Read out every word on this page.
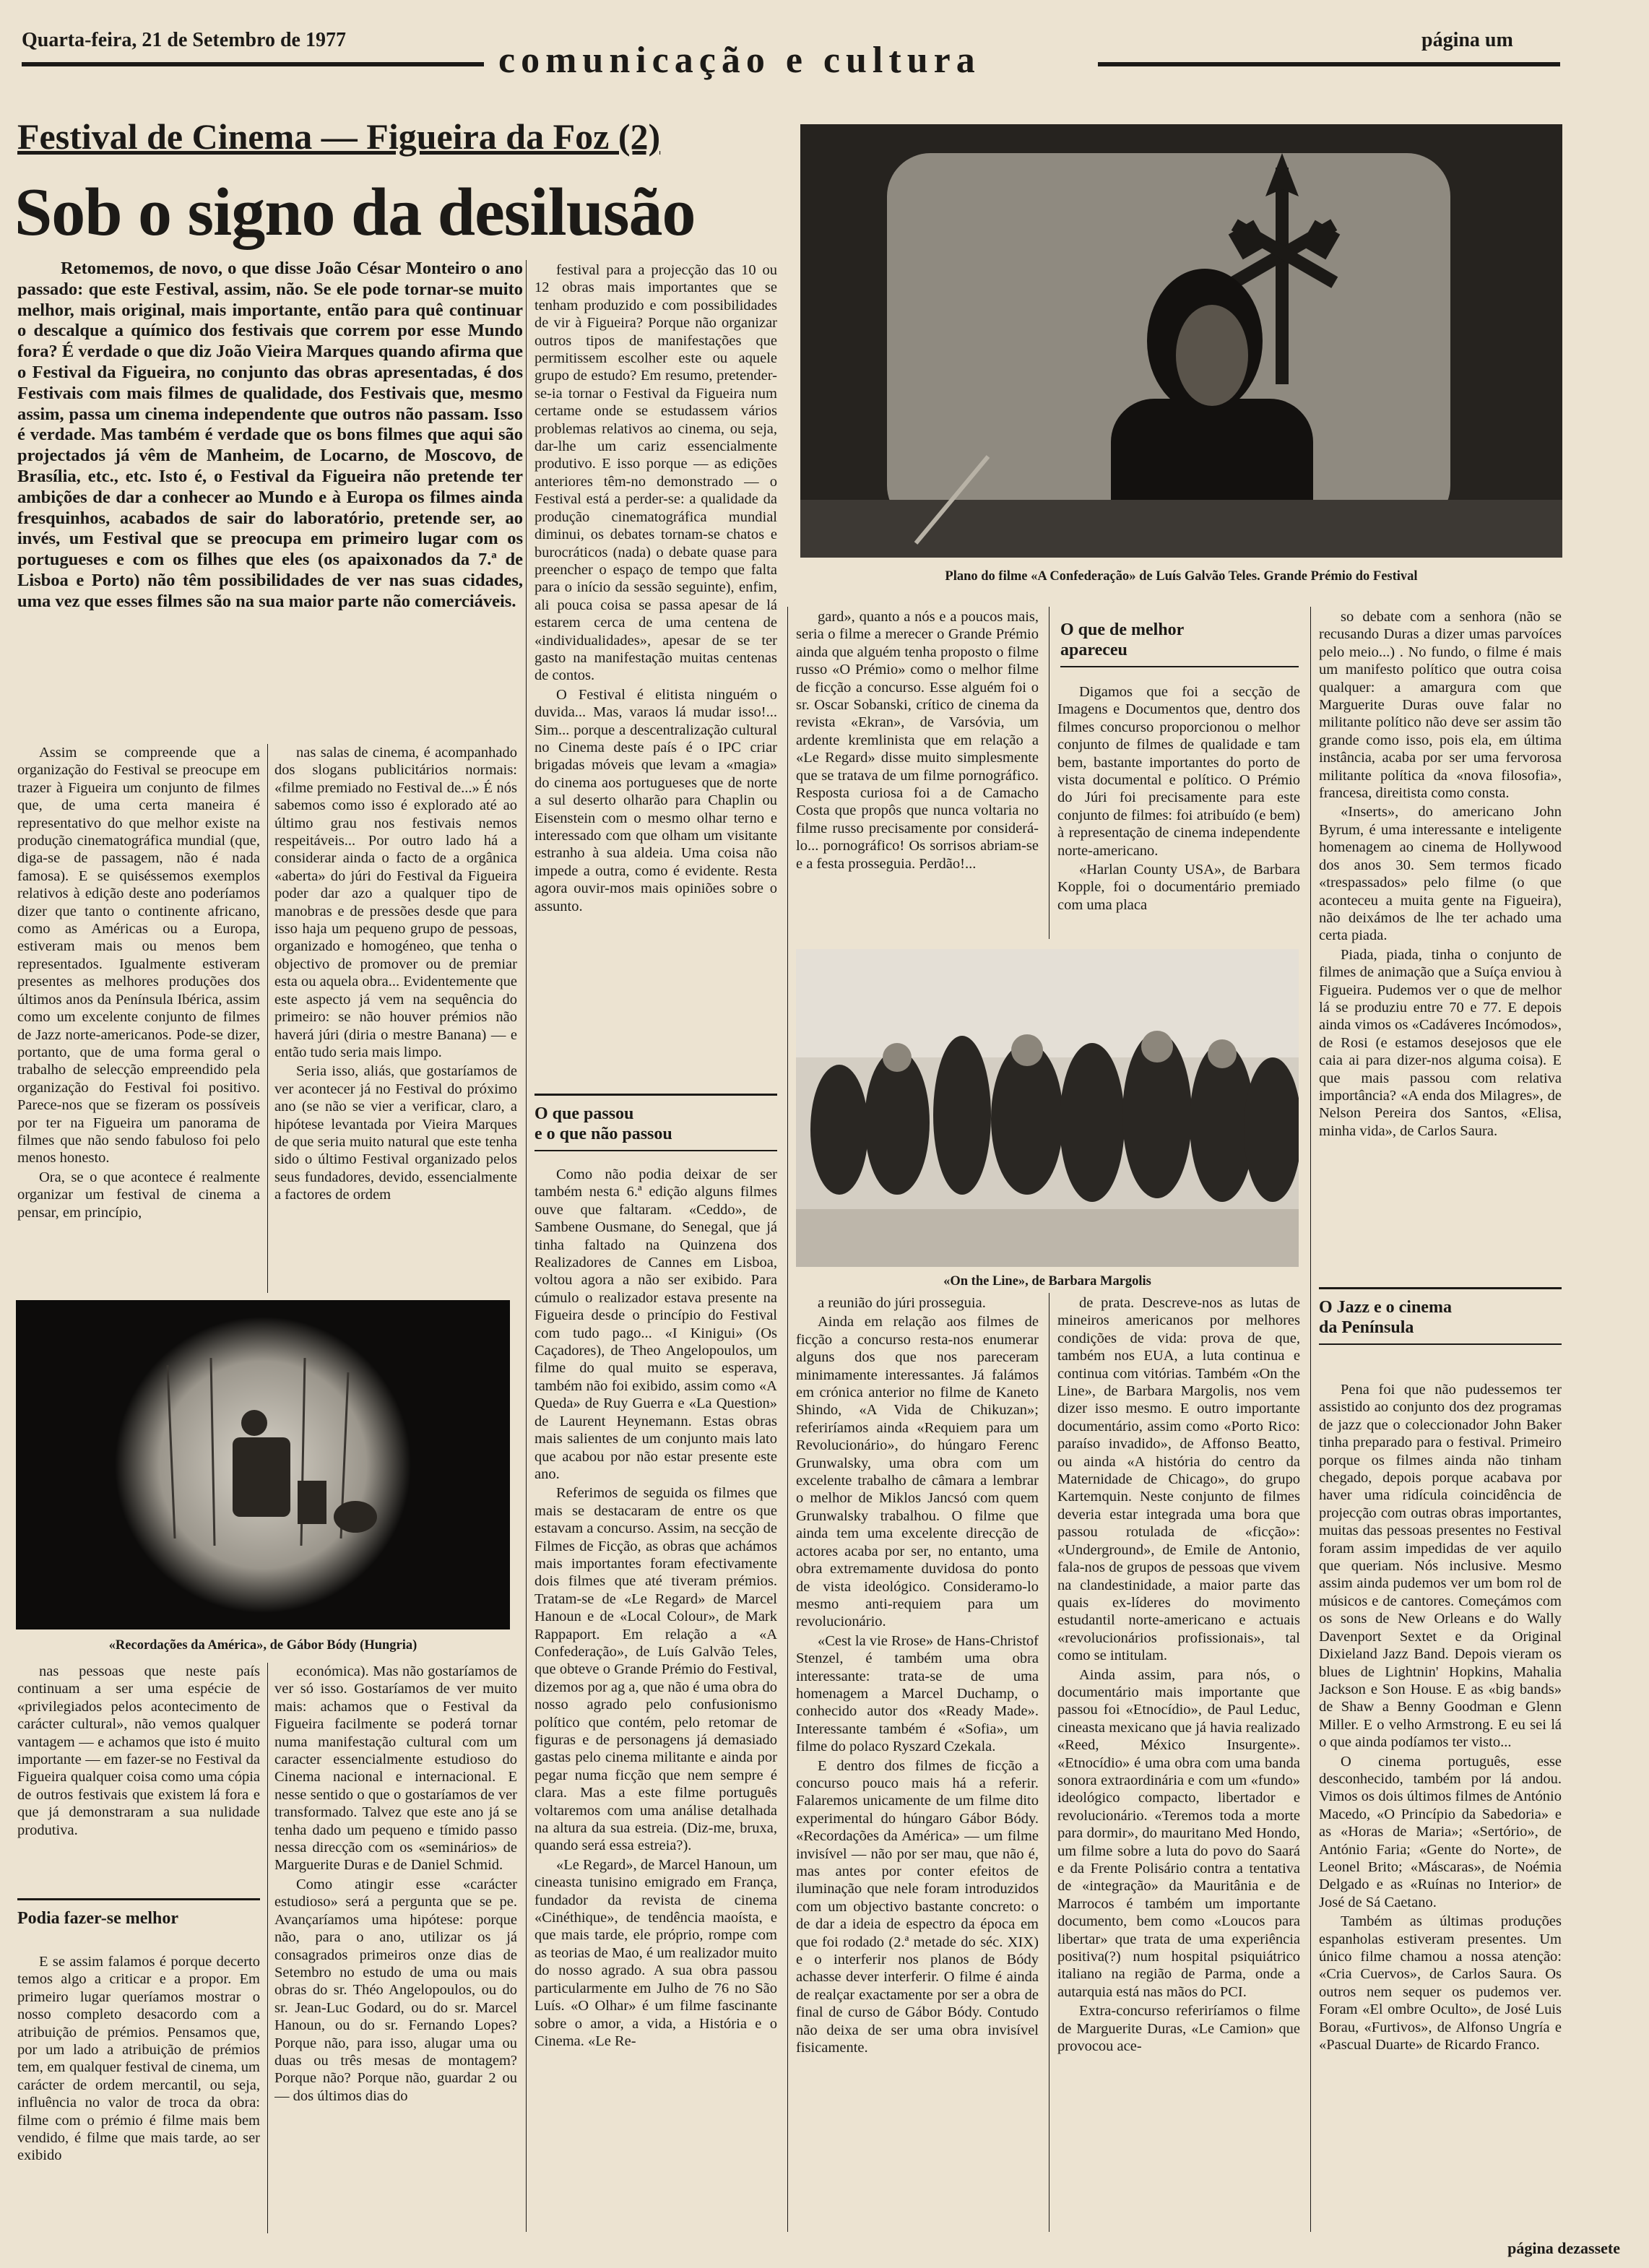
Quarta-feira, 21 de Setembro de 1977	comunicação e cultura	página um
Festival de Cinema — Figueira da Foz (2)
Sob o signo da desilusão

Retomemos, de novo, o que disse João César Monteiro o ano passado: que este Festival, assim, não. Se ele pode tornar-se muito melhor, mais original, mais importante, então para quê continuar o descalque a químico dos festivais que correm por esse Mundo fora? É verdade o que diz João Vieira Marques quando afirma que o Festival da Figueira, no conjunto das obras apresentadas, é dos Festivais com mais filmes de qualidade, dos Festivais que, mesmo assim, passa um cinema independente que outros não passam. Isso é verdade. Mas também é verdade que os bons filmes que aqui são projectados já vêm de Manheim, de Locarno, de Moscovo, de Brasília, etc., etc. Isto é, o Festival da Figueira não pretende ter ambições de dar a conhecer ao Mundo e à Europa os filmes ainda fresquinhos, acabados de sair do laboratório, pretende ser, ao invés, um Festival que se preocupa em primeiro lugar com os portugueses e com os filhes que eles (os apaixonados da 7.ª de Lisboa e Porto) não têm possibilidades de ver nas suas cidades, uma vez que esses filmes são na sua maior parte não comerciáveis.

Assim se compreende que a organização do Festival se preocupe em trazer à Figueira um conjunto de filmes que, de uma certa maneira é representativo do que melhor existe na produção cinematográfica mundial (que, diga-se de passagem, não é nada famosa). E se quiséssemos exemplos relativos à edição deste ano poderíamos dizer que tanto o continente africano, como as Américas ou a Europa, estiveram mais ou menos bem representados. Igualmente estiveram presentes as melhores produções dos últimos anos da Península Ibérica, assim como um excelente conjunto de filmes de Jazz norte-americanos. Pode-se dizer, portanto, que de uma forma geral o trabalho de selecção empreendido pela organização do Festival foi positivo. Parece-nos que se fizeram os possíveis por ter na Figueira um panorama de filmes que não sendo fabuloso foi pelo menos honesto.

Ora, se o que acontece é realmente organizar um festival de cinema a pensar, em princípio,

nas salas de cinema, é acompanhado dos slogans publicitários normais: «filme premiado no Festival de...» É nós sabemos como isso é explorado até ao último grau nos festivais nemos respeitáveis... Por outro lado há a considerar ainda o facto de a orgânica «aberta» do júri do Festival da Figueira poder dar azo a qualquer tipo de manobras e de pressões desde que para isso haja um pequeno grupo de pessoas, organizado e homogéneo, que tenha o objectivo de promover ou de premiar esta ou aquela obra... Evidentemente que este aspecto já vem na sequência do primeiro: se não houver prémios não haverá júri (diria o mestre Banana) — e então tudo seria mais limpo.

Seria isso, aliás, que gostaríamos de ver acontecer já no Festival do próximo ano (se não se vier a verificar, claro, a hipótese levantada por Vieira Marques de que seria muito natural que este tenha sido o último Festival organizado pelos seus fundadores, devido, essencialmente a factores de ordem

«Recordações da América», de Gábor Bódy (Hungria)

nas pessoas que neste país continuam a ser uma espécie de «privilegiados pelos acontecimento de carácter cultural», não vemos qualquer vantagem — e achamos que isto é muito importante — em fazer-se no Festival da Figueira qualquer coisa como uma cópia de outros festivais que existem lá fora e que já demonstraram a sua nulidade produtiva.

Podia fazer-se melhor

E se assim falamos é porque decerto temos algo a criticar e a propor. Em primeiro lugar queríamos mostrar o nosso completo desacordo com a atribuição de prémios. Pensamos que, por um lado a atribuição de prémios tem, em qualquer festival de cinema, um carácter de ordem mercantil, ou seja, influência no valor de troca da obra: filme com o prémio é filme mais bem vendido, é filme que mais tarde, ao ser exibido

económica). Mas não gostaríamos de ver só isso. Gostaríamos de ver muito mais: achamos que o Festival da Figueira facilmente se poderá tornar numa manifestação cultural com um caracter essencialmente estudioso do Cinema nacional e internacional. E nesse sentido o que o gostaríamos de ver transformado. Talvez que este ano já se tenha dado um pequeno e tímido passo nessa direcção com os «seminários» de Marguerite Duras e de Daniel Schmid.

Como atingir esse «carácter estudioso» será a pergunta que se pe. Avançaríamos uma hipótese: porque não, para o ano, utilizar os já consagrados primeiros onze dias de Setembro no estudo de uma ou mais obras do sr. Théo Angelopoulos, ou do sr. Jean-Luc Godard, ou do sr. Marcel Hanoun, ou do sr. Fernando Lopes? Porque não, para isso, alugar uma ou duas ou três mesas de montagem? Porque não? Porque não, guardar 2 ou — dos últimos dias do

Plano do filme «A Confederação» de Luís Galvão Teles. Grande Prémio do Festival

festival para a projecção das 10 ou 12 obras mais importantes que se tenham produzido e com possibilidades de vir à Figueira? Porque não organizar outros tipos de manifestações que permitissem escolher este ou aquele grupo de estudo? Em resumo, pretender-se-ia tornar o Festival da Figueira num certame onde se estudassem vários problemas relativos ao cinema, ou seja, dar-lhe um cariz essencialmente produtivo. E isso porque — as edições anteriores têm-no demonstrado — o Festival está a perder-se: a qualidade da produção cinematográfica mundial diminui, os debates tornam-se chatos e burocráticos (nada) o debate quase para preencher o espaço de tempo que falta para o início da sessão seguinte), enfim, ali pouca coisa se passa apesar de lá estarem cerca de uma centena de «individualidades», apesar de se ter gasto na manifestação muitas centenas de contos.

O Festival é elitista ninguém o duvida... Mas, varaos lá mudar isso!... Sim... porque a descentralização cultural no Cinema deste país é o IPC criar brigadas móveis que levam a «magia» do cinema aos portugueses que de norte a sul deserto olharão para Chaplin ou Eisenstein com o mesmo olhar terno e interessado com que olham um visitante estranho à sua aldeia. Uma coisa não impede a outra, como é evidente. Resta agora ouvir-mos mais opiniões sobre o assunto.

O que passou
e o que não passou

Como não podia deixar de ser também nesta 6.ª edição alguns filmes ouve que faltaram. «Ceddo», de Sambene Ousmane, do Senegal, que já tinha faltado na Quinzena dos Realizadores de Cannes em Lisboa, voltou agora a não ser exibido. Para cúmulo o realizador estava presente na Figueira desde o princípio do Festival com tudo pago... «I Kinigui» (Os Caçadores), de Theo Angelopoulos, um filme do qual muito se esperava, também não foi exibido, assim como «A Queda» de Ruy Guerra e «La Question» de Laurent Heynemann. Estas obras mais salientes de um conjunto mais lato que acabou por não estar presente este ano.

Referimos de seguida os filmes que mais se destacaram de entre os que estavam a concurso. Assim, na secção de Filmes de Ficção, as obras que achámos mais importantes foram efectivamente dois filmes que até tiveram prémios. Tratam-se de «Le Regard» de Marcel Hanoun e de «Local Colour», de Mark Rappaport. Em relação a «A Confederação», de Luís Galvão Teles, que obteve o Grande Prémio do Festival, dizemos por ag a, que não é uma obra do nosso agrado pelo confusionismo político que contém, pelo retomar de figuras e de personagens já demasiado gastas pelo cinema militante e ainda por pegar numa ficção que nem sempre é clara. Mas a este filme português voltaremos com uma análise detalhada na altura da sua estreia. (Diz-me, bruxa, quando será essa estreia?).

«Le Regard», de Marcel Hanoun, um cineasta tunisino emigrado em França, fundador da revista de cinema «Cinéthique», de tendência maoísta, e que mais tarde, ele próprio, rompe com as teorias de Mao, é um realizador muito do nosso agrado. A sua obra passou particularmente em Julho de 76 no São Luís. «O Olhar» é um filme fascinante sobre o amor, a vida, a História e o Cinema. «Le Re-

gard», quanto a nós e a poucos mais, seria o filme a merecer o Grande Prémio ainda que alguém tenha proposto o filme russo «O Prémio» como o melhor filme de ficção a concurso. Esse alguém foi o sr. Oscar Sobanski, crítico de cinema da revista «Ekran», de Varsóvia, um ardente kremlinista que em relação a «Le Regard» disse muito simplesmente que se tratava de um filme pornográfico. Resposta curiosa foi a de Camacho Costa que propôs que nunca voltaria no filme russo precisamente por considerá-lo... pornográfico! Os sorrisos abriam-se e a festa prosseguia. Perdão!...

O que de melhor
apareceu

Digamos que foi a secção de Imagens e Documentos que, dentro dos filmes concurso proporcionou o melhor conjunto de filmes de qualidade e tam bem, bastante importantes do porto de vista documental e político. O Prémio do Júri foi precisamente para este conjunto de filmes: foi atribuído (e bem) à representação de cinema independente norte-americano.

«Harlan County USA», de Barbara Kopple, foi o documentário premiado com uma placa

«On the Line», de Barbara Margolis

a reunião do júri prosseguia.

Ainda em relação aos filmes de ficção a concurso resta-nos enumerar alguns dos que nos pareceram minimamente interessantes. Já falámos em crónica anterior no filme de Kaneto Shindo, «A Vida de Chikuzan»; referiríamos ainda «Requiem para um Revolucionário», do húngaro Ferenc Grunwalsky, uma obra com um excelente trabalho de câmara a lembrar o melhor de Miklos Jancsó com quem Grunwalsky trabalhou. O filme que ainda tem uma excelente direcção de actores acaba por ser, no entanto, uma obra extremamente duvidosa do ponto de vista ideológico. Consideramo-lo mesmo anti-requiem para um revolucionário.

«Cest la vie Rrose» de Hans-Christof Stenzel, é também uma obra interessante: trata-se de uma homenagem a Marcel Duchamp, o conhecido autor dos «Ready Made». Interessante também é «Sofia», um filme do polaco Ryszard Czekala.

E dentro dos filmes de ficção a concurso pouco mais há a referir. Falaremos unicamente de um filme dito experimental do húngaro Gábor Bódy. «Recordações da América» — um filme invisível — não por ser mau, que não é, mas antes por conter efeitos de iluminação que nele foram introduzidos com um objectivo bastante concreto: o de dar a ideia de espectro da época em que foi rodado (2.ª metade do séc. XIX) e o interferir nos planos de Bódy achasse dever interferir. O filme é ainda de realçar exactamente por ser a obra de final de curso de Gábor Bódy. Contudo não deixa de ser uma obra invisível fisicamente.

de prata. Descreve-nos as lutas de mineiros americanos por melhores condições de vida: prova de que, também nos EUA, a luta continua e continua com vitórias. Também «On the Line», de Barbara Margolis, nos vem dizer isso mesmo. E outro importante documentário, assim como «Porto Rico: paraíso invadido», de Affonso Beatto, ou ainda «A história do centro da Maternidade de Chicago», do grupo Kartemquin. Neste conjunto de filmes deveria estar integrada uma bora que passou rotulada de «ficção»: «Underground», de Emile de Antonio, fala-nos de grupos de pessoas que vivem na clandestinidade, a maior parte das quais ex-líderes do movimento estudantil norte-americano e actuais «revolucionários profissionais», tal como se intitulam.

Ainda assim, para nós, o documentário mais importante que passou foi «Etnocídio», de Paul Leduc, cineasta mexicano que já havia realizado «Reed, México Insurgente». «Etnocídio» é uma obra com uma banda sonora extraordinária e com um «fundo» ideológico compacto, libertador e revolucionário. «Teremos toda a morte para dormir», do mauritano Med Hondo, um filme sobre a luta do povo do Saará e da Frente Polisário contra a tentativa de «integração» da Mauritânia e de Marrocos é também um importante documento, bem como «Loucos para libertar» que trata de uma experiência positiva(?) num hospital psiquiátrico italiano na região de Parma, onde a autarquia está nas mãos do PCI.

Extra-concurso referiríamos o filme de Marguerite Duras, «Le Camion» que provocou ace-

so debate com a senhora (não se recusando Duras a dizer umas parvoíces pelo meio...) . No fundo, o filme é mais um manifesto político que outra coisa qualquer: a amargura com que Marguerite Duras ouve falar no militante político não deve ser assim tão grande como isso, pois ela, em última instância, acaba por ser uma fervorosa militante política da «nova filosofia», francesa, direitista como consta.

«Inserts», do americano John Byrum, é uma interessante e inteligente homenagem ao cinema de Hollywood dos anos 30. Sem termos ficado «trespassados» pelo filme (o que aconteceu a muita gente na Figueira), não deixámos de lhe ter achado uma certa piada.

Piada, piada, tinha o conjunto de filmes de animação que a Suíça enviou à Figueira. Pudemos ver o que de melhor lá se produziu entre 70 e 77. E depois ainda vimos os «Cadáveres Incómodos», de Rosi (e estamos desejosos que ele caia ai para dizer-nos alguma coisa). E que mais passou com relativa importância? «A enda dos Milagres», de Nelson Pereira dos Santos, «Elisa, minha vida», de Carlos Saura.

O Jazz e o cinema
da Península

Pena foi que não pudessemos ter assistido ao conjunto dos dez programas de jazz que o coleccionador John Baker tinha preparado para o festival. Primeiro porque os filmes ainda não tinham chegado, depois porque acabava por haver uma ridícula coincidência de projecção com outras obras importantes, muitas das pessoas presentes no Festival foram assim impedidas de ver aquilo que queriam. Nós inclusive. Mesmo assim ainda pudemos ver um bom rol de músicos e de cantores. Começámos com os sons de New Orleans e do Wally Davenport Sextet e da Original Dixieland Jazz Band. Depois vieram os blues de Lightnin' Hopkins, Mahalia Jackson e Son House. E as «big bands» de Shaw a Benny Goodman e Glenn Miller. E o velho Armstrong. E eu sei lá o que ainda podíamos ter visto...

O cinema português, esse desconhecido, também por lá andou. Vimos os dois últimos filmes de António Macedo, «O Princípio da Sabedoria» e as «Horas de Maria»; «Sertório», de António Faria; «Gente do Norte», de Leonel Brito; «Máscaras», de Noémia Delgado e as «Ruínas no Interior» de José de Sá Caetano.

Também as últimas produções espanholas estiveram presentes. Um único filme chamou a nossa atenção: «Cria Cuervos», de Carlos Saura. Os outros nem sequer os pudemos ver. Foram «El ombre Oculto», de José Luis Borau, «Furtivos», de Alfonso Ungría e «Pascual Duarte» de Ricardo Franco.

página dezassete
